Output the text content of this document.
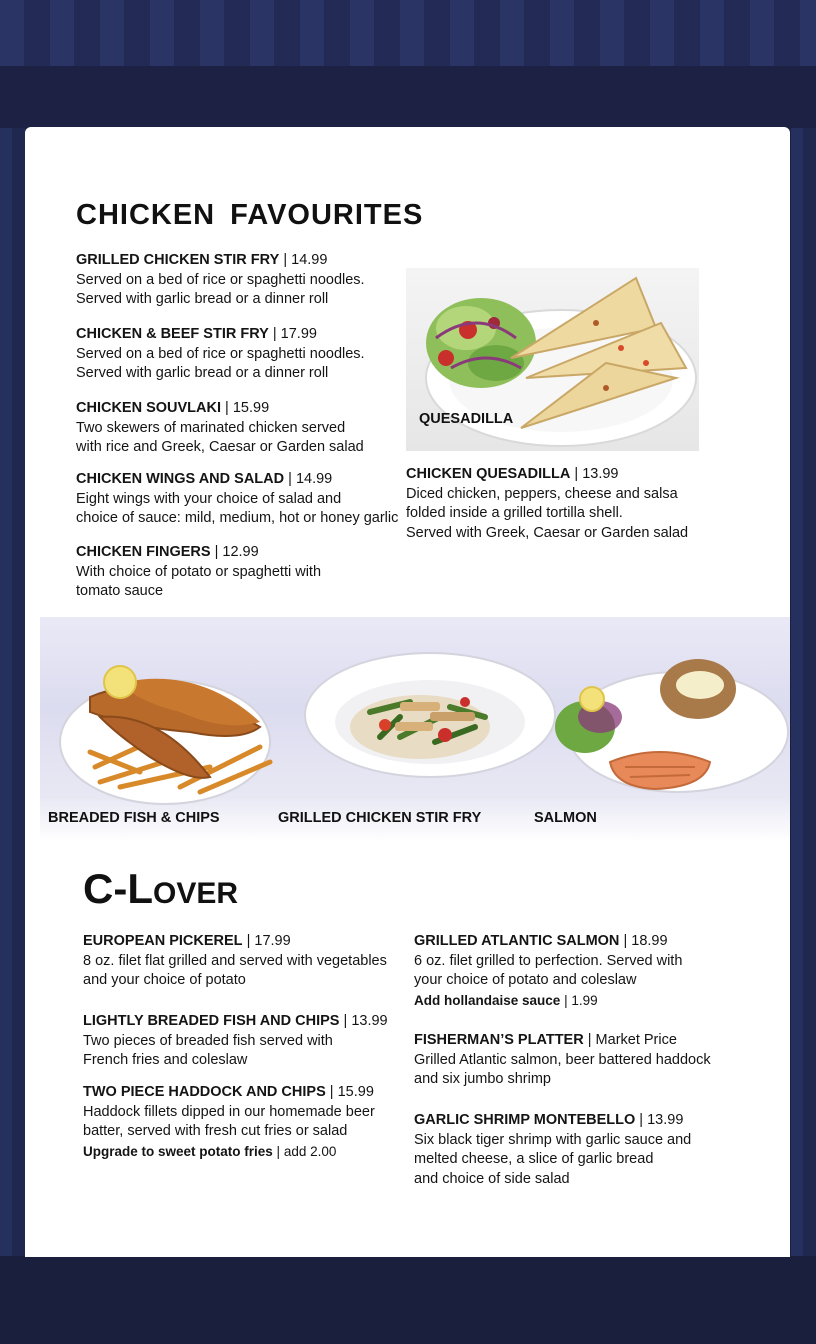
CHICKEN FAVOURITES
GRILLED CHICKEN STIR FRY | 14.99
Served on a bed of rice or spaghetti noodles.
Served with garlic bread or a dinner roll
CHICKEN & BEEF STIR FRY | 17.99
Served on a bed of rice or spaghetti noodles.
Served with garlic bread or a dinner roll
CHICKEN SOUVLAKI | 15.99
Two skewers of marinated chicken served
with rice and Greek, Caesar or Garden salad
CHICKEN WINGS AND SALAD | 14.99
Eight wings with your choice of salad and
choice of sauce: mild, medium, hot or honey garlic
CHICKEN FINGERS | 12.99
With choice of potato or spaghetti with
tomato sauce
QUESADILLA
CHICKEN QUESADILLA | 13.99
Diced chicken, peppers, cheese and salsa
folded inside a grilled tortilla shell.
Served with Greek, Caesar or Garden salad
BREADED FISH & CHIPS	GRILLED CHICKEN STIR FRY	SALMON
C-LOVER
EUROPEAN PICKEREL | 17.99
8 oz. filet flat grilled and served with vegetables
and your choice of potato
LIGHTLY BREADED FISH AND CHIPS | 13.99
Two pieces of breaded fish served with
French fries and coleslaw
TWO PIECE HADDOCK AND CHIPS | 15.99
Haddock fillets dipped in our homemade beer
batter, served with fresh cut fries or salad
Upgrade to sweet potato fries | add 2.00
GRILLED ATLANTIC SALMON | 18.99
6 oz. filet grilled to perfection. Served with
your choice of potato and coleslaw
Add hollandaise sauce | 1.99
FISHERMAN’S PLATTER | Market Price
Grilled Atlantic salmon, beer battered haddock
and six jumbo shrimp
GARLIC SHRIMP MONTEBELLO | 13.99
Six black tiger shrimp with garlic sauce and
melted cheese, a slice of garlic bread
and choice of side salad
